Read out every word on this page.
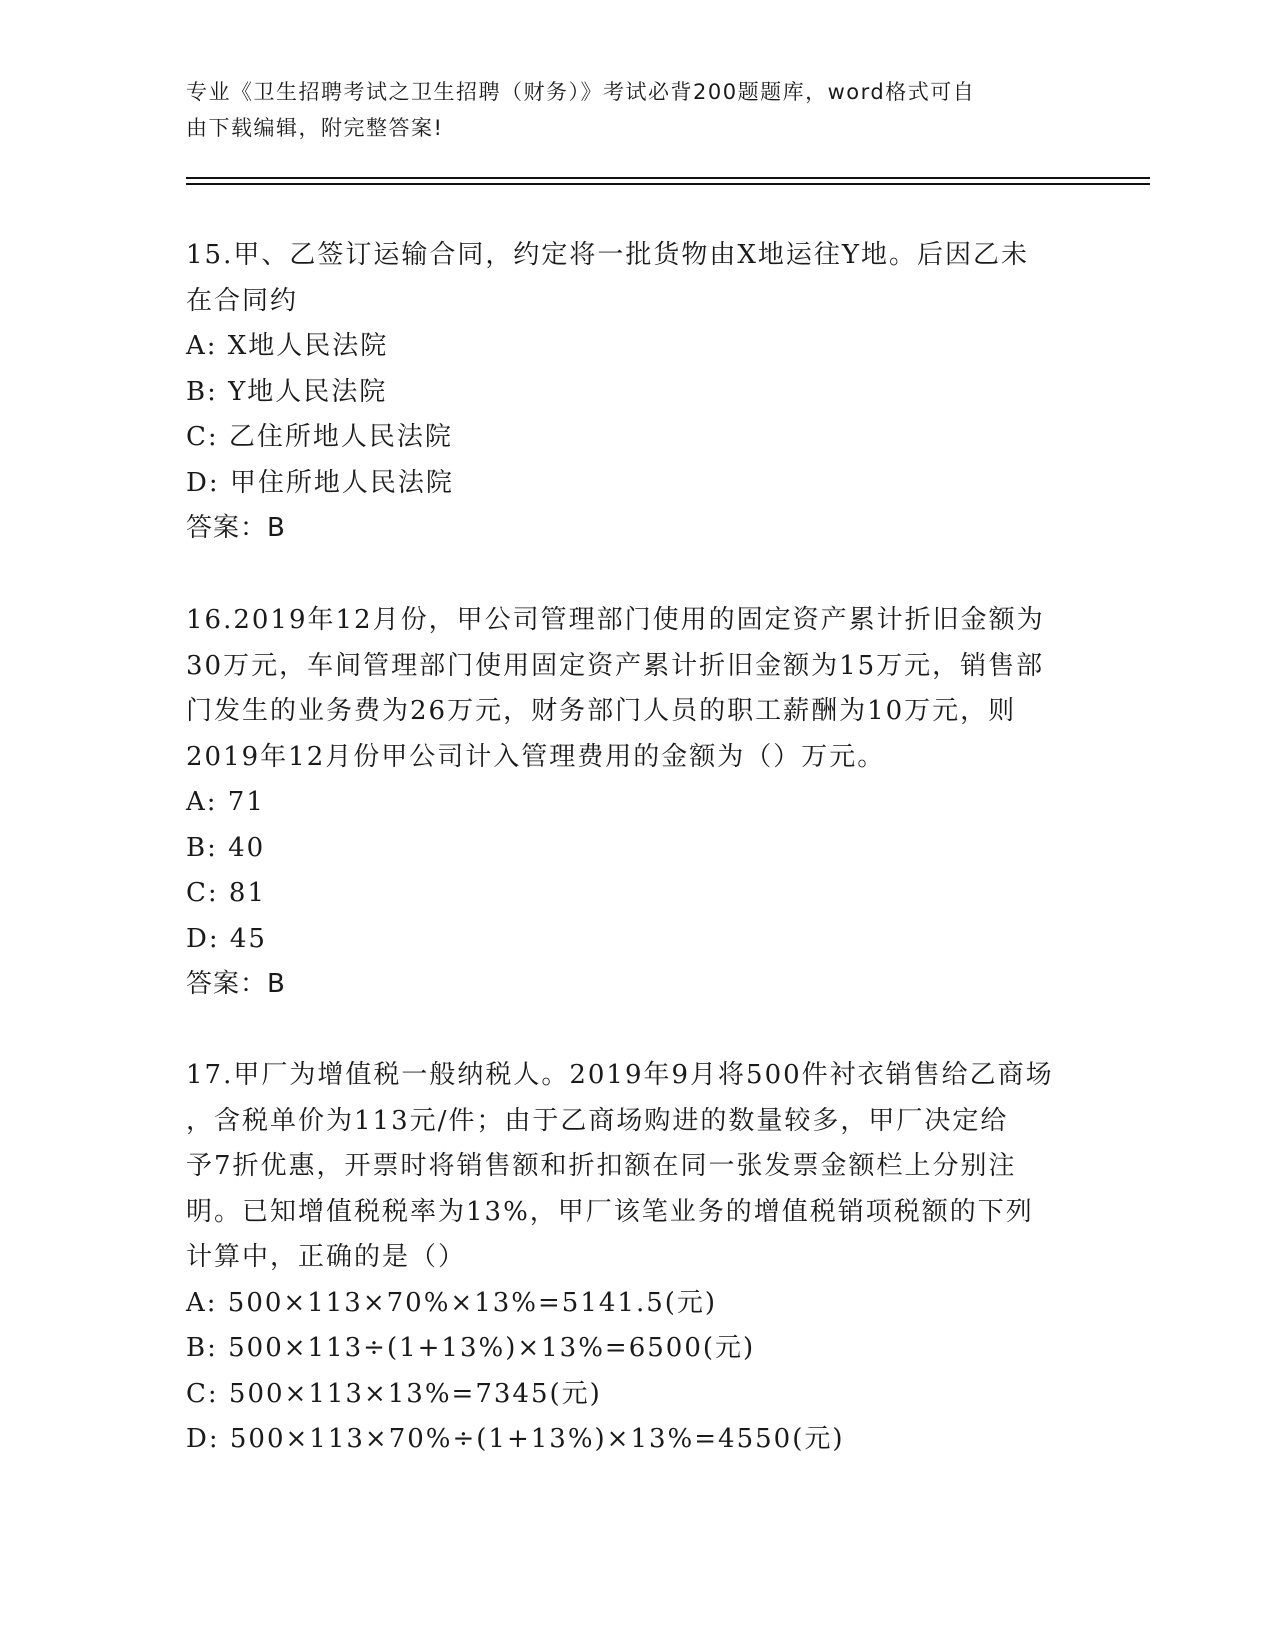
专业《卫生招聘考试之卫生招聘（财务）》考试必背200题题库，word格式可自
由下载编辑，附完整答案!
15.甲、乙签订运输合同，约定将一批货物由X地运往Y地。后因乙未
在合同约
A: X地人民法院
B: Y地人民法院
C: 乙住所地人民法院
D: 甲住所地人民法院
答案：B
16.2019年12月份，甲公司管理部门使用的固定资产累计折旧金额为
30万元，车间管理部门使用固定资产累计折旧金额为15万元，销售部
门发生的业务费为26万元，财务部门人员的职工薪酬为10万元，则
2019年12月份甲公司计入管理费用的金额为（）万元。
A: 71
B: 40
C: 81
D: 45
答案：B
17.甲厂为增值税一般纳税人。2019年9月将500件衬衣销售给乙商场
，含税单价为113元/件；由于乙商场购进的数量较多，甲厂决定给
予7折优惠，开票时将销售额和折扣额在同一张发票金额栏上分别注
明。已知增值税税率为13%，甲厂该笔业务的增值税销项税额的下列
计算中，正确的是（）
A: 500×113×70%×13%=5141.5(元)
B: 500×113÷(1+13%)×13%=6500(元)
C: 500×113×13%=7345(元)
D: 500×113×70%÷(1+13%)×13%=4550(元)
